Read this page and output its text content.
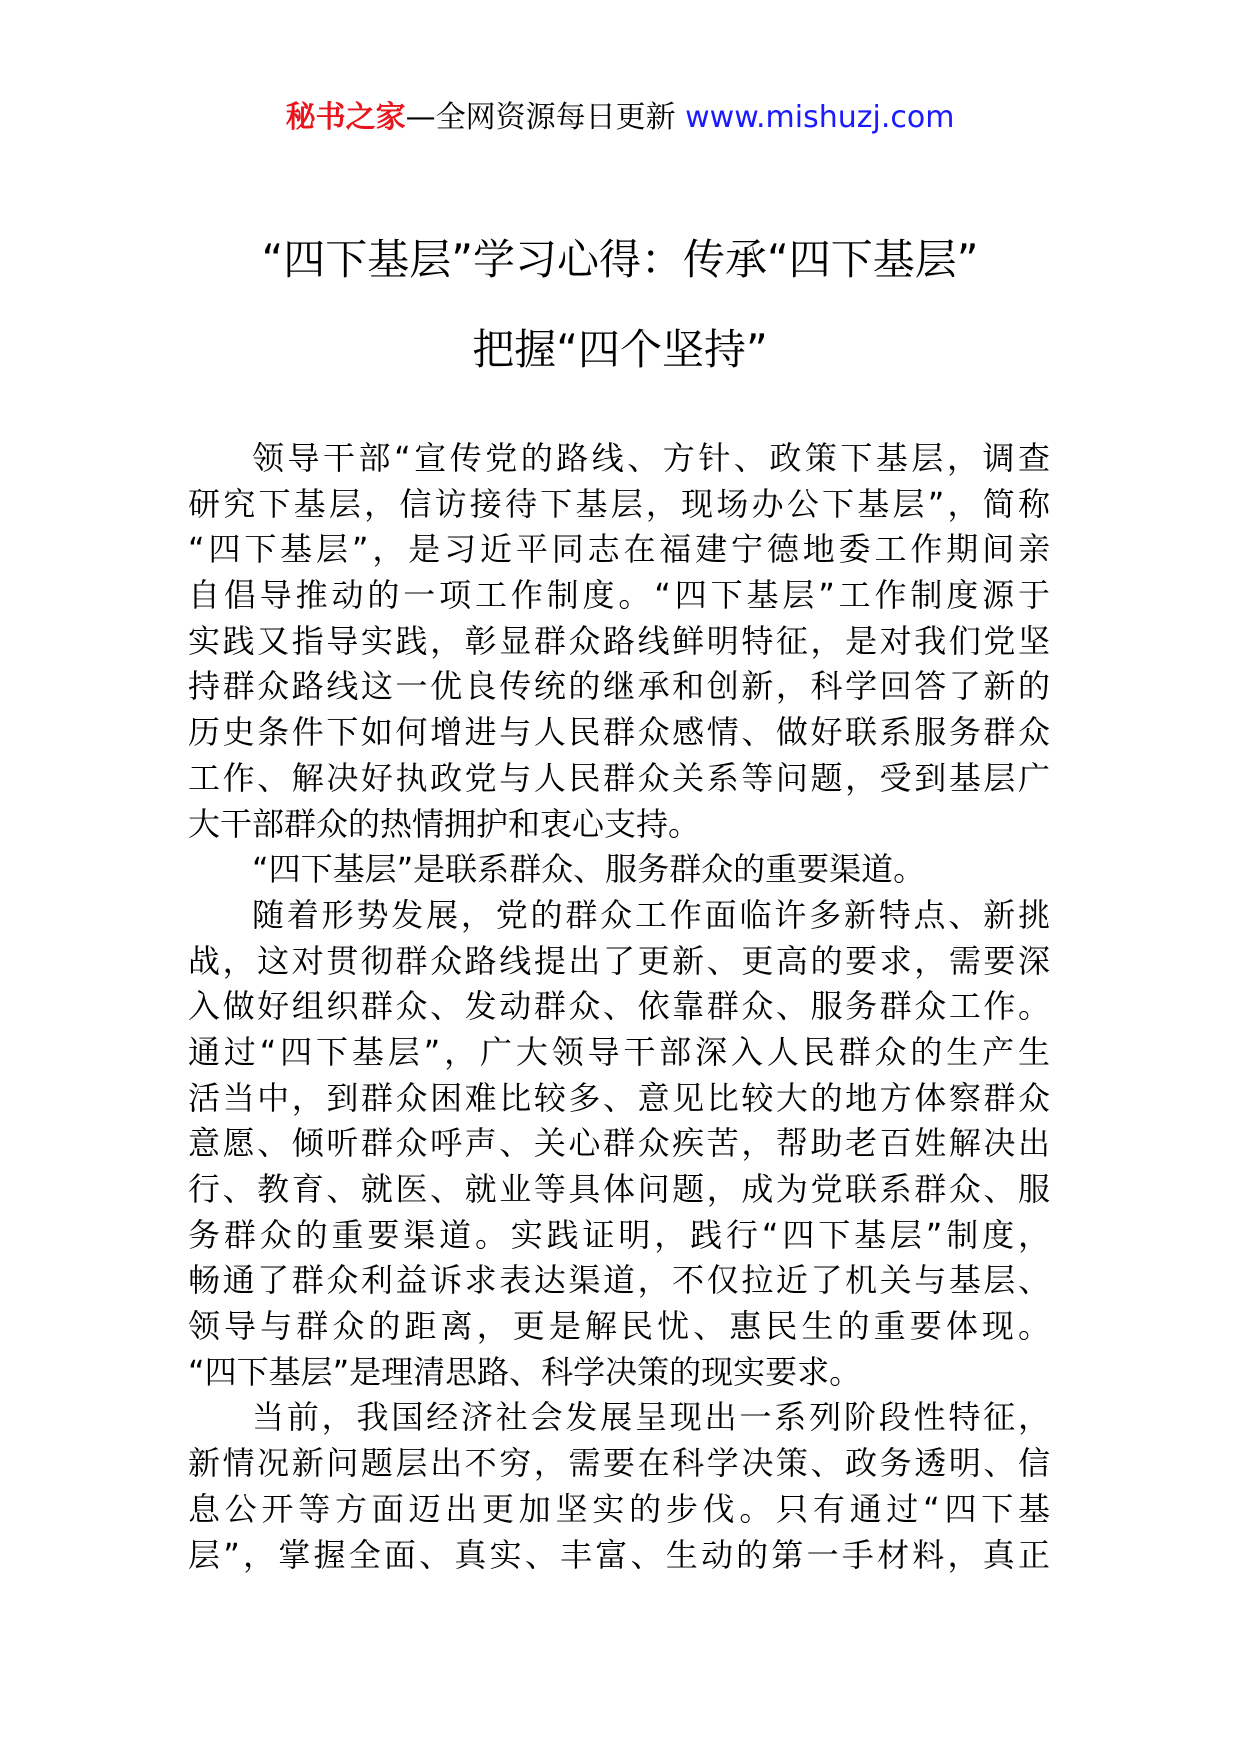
秘书之家—全网资源每日更新 www.mishuzj.com
“四下基层”学习心得：传承“四下基层”
把握“四个坚持”
领导干部“宣传党的路线、方针、政策下基层，调查
研究下基层，信访接待下基层，现场办公下基层”，简称
“四下基层”，是习近平同志在福建宁德地委工作期间亲
自倡导推动的一项工作制度。“四下基层”工作制度源于
实践又指导实践，彰显群众路线鲜明特征，是对我们党坚
持群众路线这一优良传统的继承和创新，科学回答了新的
历史条件下如何增进与人民群众感情、做好联系服务群众
工作、解决好执政党与人民群众关系等问题，受到基层广
大干部群众的热情拥护和衷心支持。
“四下基层”是联系群众、服务群众的重要渠道。
随着形势发展，党的群众工作面临许多新特点、新挑
战，这对贯彻群众路线提出了更新、更高的要求，需要深
入做好组织群众、发动群众、依靠群众、服务群众工作。
通过“四下基层”，广大领导干部深入人民群众的生产生
活当中，到群众困难比较多、意见比较大的地方体察群众
意愿、倾听群众呼声、关心群众疾苦，帮助老百姓解决出
行、教育、就医、就业等具体问题，成为党联系群众、服
务群众的重要渠道。实践证明，践行“四下基层”制度，
畅通了群众利益诉求表达渠道，不仅拉近了机关与基层、
领导与群众的距离，更是解民忧、惠民生的重要体现。
“四下基层”是理清思路、科学决策的现实要求。
当前，我国经济社会发展呈现出一系列阶段性特征，
新情况新问题层出不穷，需要在科学决策、政务透明、信
息公开等方面迈出更加坚实的步伐。只有通过“四下基
层”，掌握全面、真实、丰富、生动的第一手材料，真正
